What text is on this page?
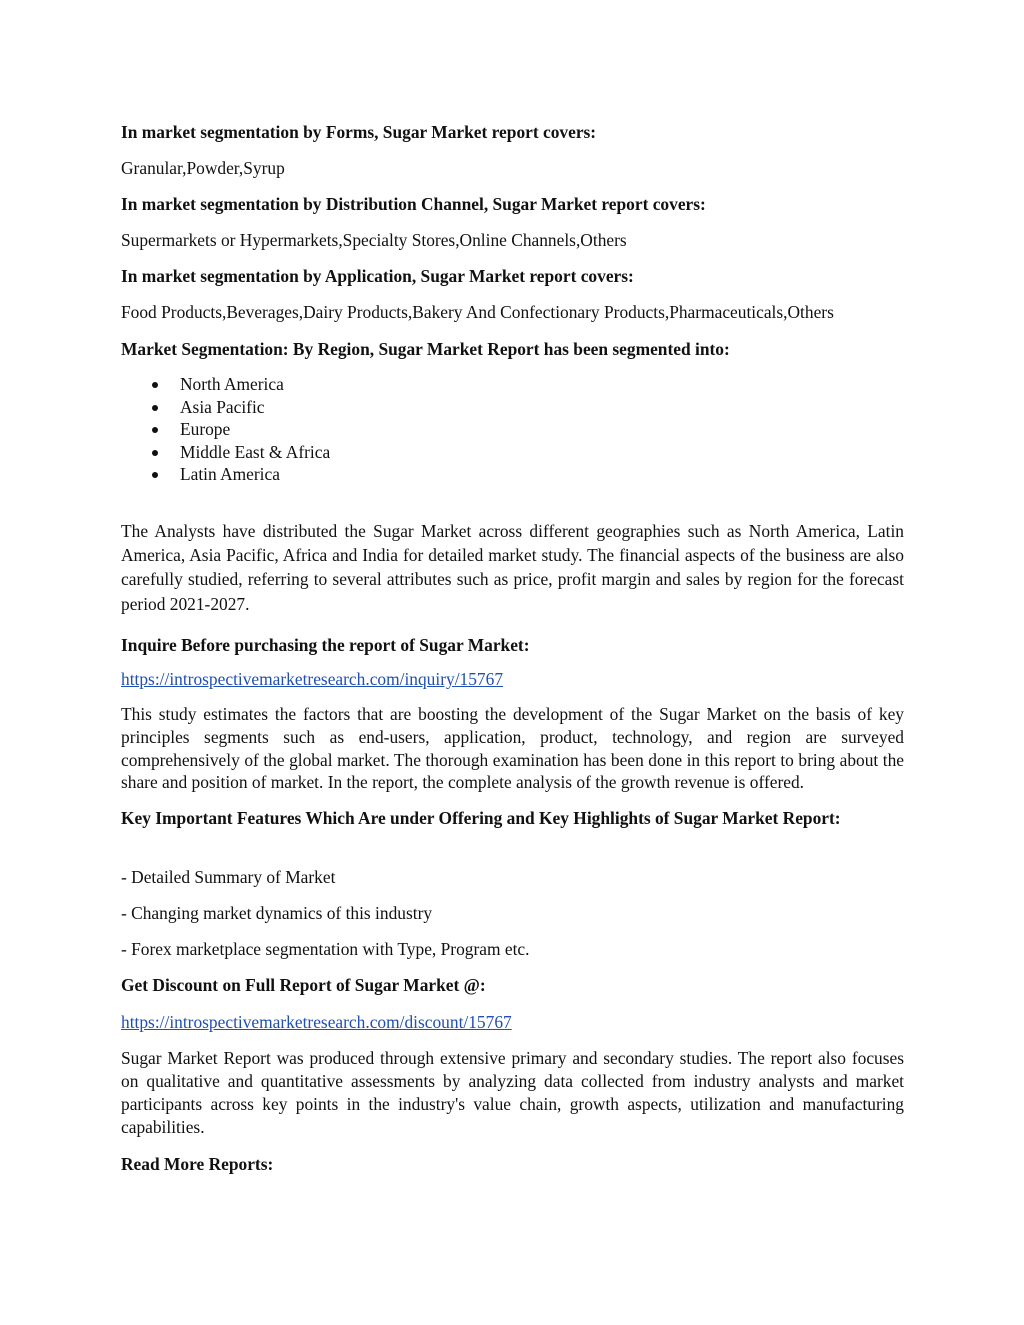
In market segmentation by Forms, Sugar Market report covers:
Granular,Powder,Syrup
In market segmentation by Distribution Channel, Sugar Market report covers:
Supermarkets or Hypermarkets,Specialty Stores,Online Channels,Others
In market segmentation by Application, Sugar Market report covers:
Food Products,Beverages,Dairy Products,Bakery And Confectionary Products,Pharmaceuticals,Others
Market Segmentation: By Region, Sugar Market Report has been segmented into:
North America
Asia Pacific
Europe
Middle East & Africa
Latin America

The Analysts have distributed the Sugar Market across different geographies such as North America, Latin America, Asia Pacific, Africa and India for detailed market study. The financial aspects of the business are also carefully studied, referring to several attributes such as price, profit margin and sales by region for the forecast period 2021-2027.

Inquire Before purchasing the report of Sugar Market:
https://introspectivemarketresearch.com/inquiry/15767

This study estimates the factors that are boosting the development of the Sugar Market on the basis of key principles segments such as end-users, application, product, technology, and region are surveyed comprehensively of the global market. The thorough examination has been done in this report to bring about the share and position of market. In the report, the complete analysis of the growth revenue is offered.

Key Important Features Which Are under Offering and Key Highlights of Sugar Market Report:
- Detailed Summary of Market
- Changing market dynamics of this industry
- Forex marketplace segmentation with Type, Program etc.
Get Discount on Full Report of Sugar Market @:
https://introspectivemarketresearch.com/discount/15767

Sugar Market Report was produced through extensive primary and secondary studies. The report also focuses on qualitative and quantitative assessments by analyzing data collected from industry analysts and market participants across key points in the industry's value chain, growth aspects, utilization and manufacturing capabilities.

Read More Reports:
